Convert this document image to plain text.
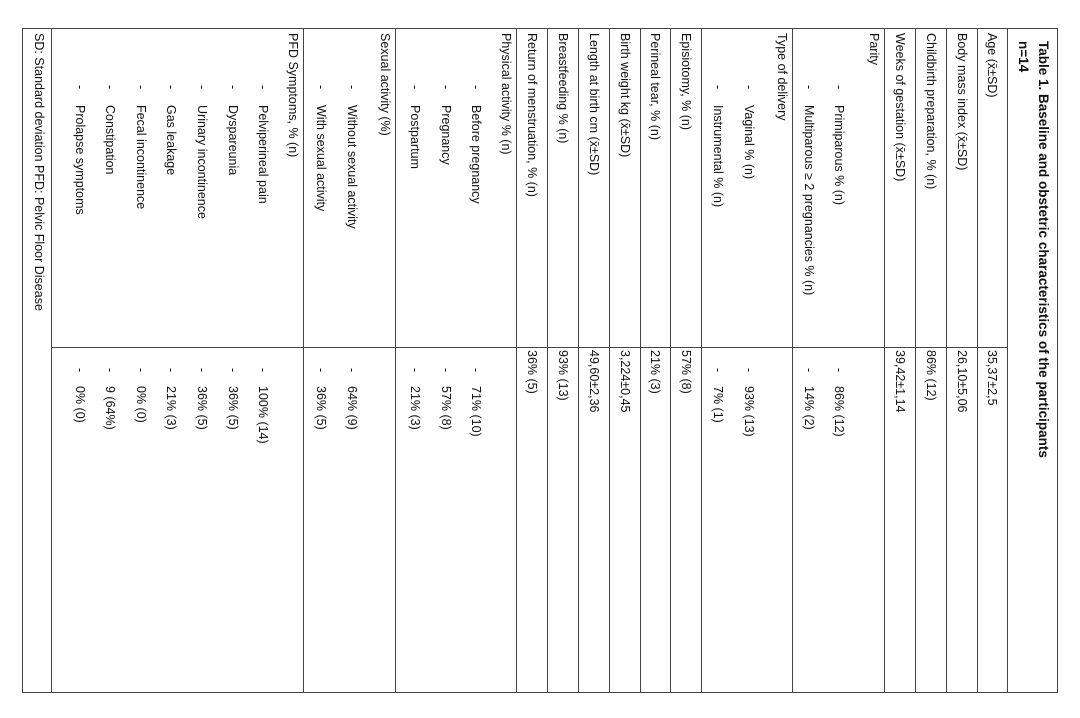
Table 1. Baseline and obstetric characteristics of the participants
n=14
Age (x̄±SD)
35,37±2,5
Body mass index (x̄±SD)
26,10±5,06
Childbirth preparation, % (n)
86% (12)
Weeks of gestation (x̄±SD)
39,42±1,14
Parity
-
Primiparous % (n)
-
86% (12)
-
Multiparous ≥ 2 pregnancies % (n)
-
14% (2)
Type of delivery
-
Vaginal % (n)
-
93% (13)
-
Instrumental % (n)
-
7% (1)
Episiotomy, % (n)
57% (8)
Perineal tear, % (n)
21% (3)
Birth weight kg (x̄±SD)
3,224±0,45
Length at birth cm (x̄±SD)
49,60±2,36
Breastfeeding % (n)
93% (13)
Return of menstruation, % (n)
36% (5)
Physical activity % (n)
-
Before pregnancy
-
71% (10)
-
Pregnancy
-
57% (8)
-
Postpartum
-
21% (3)
Sexual activity (%)
-
Without sexual activity
-
64% (9)
-
With sexual activity
-
36% (5)
PFD Symptoms, % (n)
-
Pelviperineal pain
-
100% (14)
-
Dyspareunia
-
36% (5)
-
Urinary incontinence
-
36% (5)
-
Gas leakage
-
21% (3)
-
Fecal incontinence
-
0% (0)
-
Constipation
-
9 (64%)
-
Prolapse symptoms
-
0% (0)
SD: Standard deviation PFD: Pelvic Floor Disease
